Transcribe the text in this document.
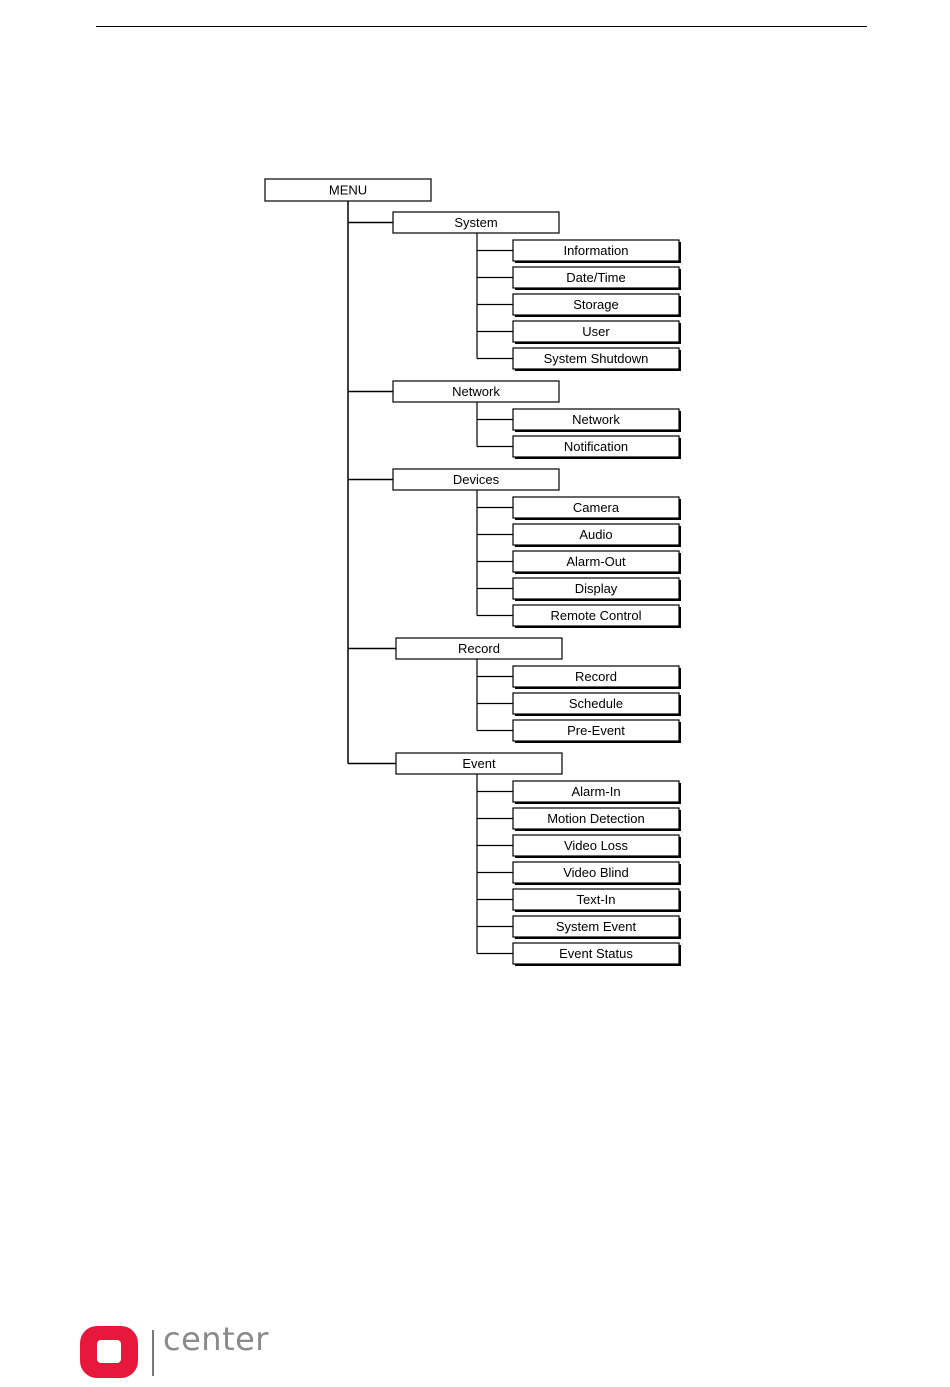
MENU
System
Information
Date/Time
Storage
User
System Shutdown
Network
Network
Notification
Devices
Camera
Audio
Alarm-Out
Display
Remote Control
Record
Record
Schedule
Pre-Event
Event
Alarm-In
Motion Detection
Video Loss
Video Blind
Text-In
System Event
Event Status
center
